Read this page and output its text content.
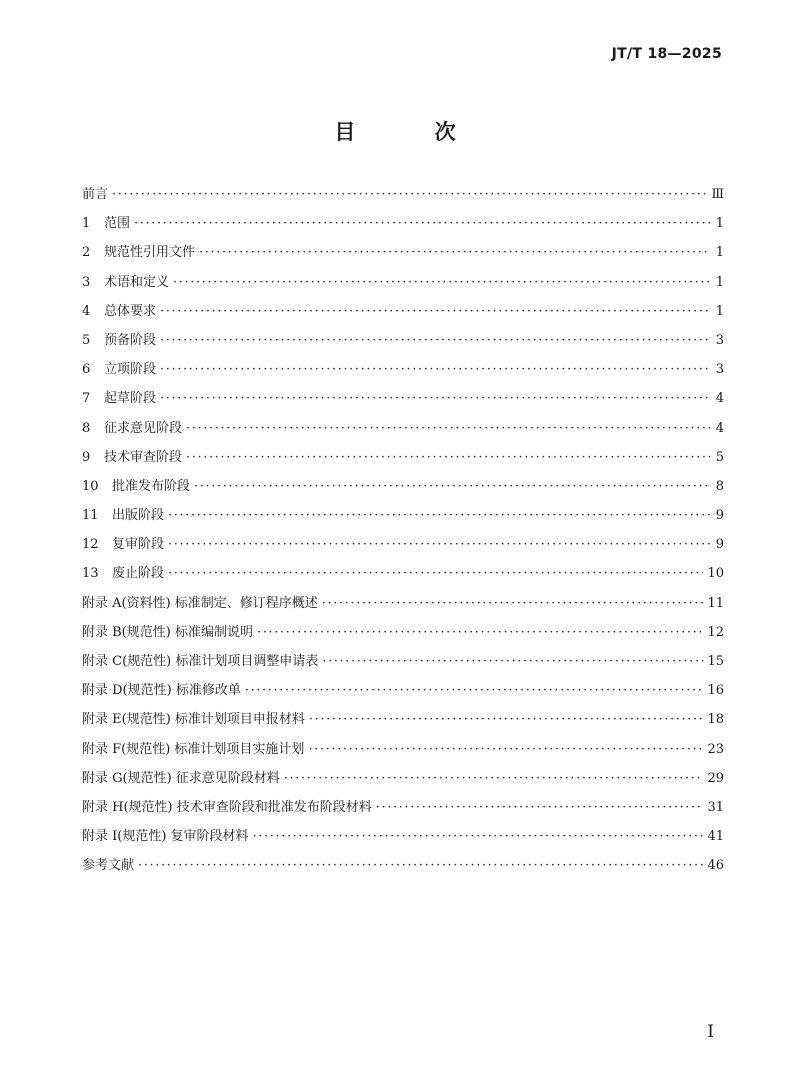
JT/T 18—2025
目 次
前言 ·····	Ⅲ
1	范围 ·····	1
2	规范性引用文件 ·····	1
3	术语和定义 ·····	1
4	总体要求 ·····	1
5	预备阶段 ·····	3
6	立项阶段 ·····	3
7	起草阶段 ·····	4
8	征求意见阶段 ·····	4
9	技术审查阶段 ·····	5
10	批准发布阶段 ·····	8
11	出版阶段 ·····	9
12	复审阶段 ·····	9
13	废止阶段 ·····	10
附录 A(资料性) 标准制定、修订程序概述 ·····	11
附录 B(规范性) 标准编制说明 ·····	12
附录 C(规范性) 标准计划项目调整申请表 ·····	15
附录 D(规范性) 标准修改单 ·····	16
附录 E(规范性) 标准计划项目申报材料 ·····	18
附录 F(规范性) 标准计划项目实施计划 ·····	23
附录 G(规范性) 征求意见阶段材料 ·····	29
附录 H(规范性) 技术审查阶段和批准发布阶段材料 ·····	31
附录 I(规范性) 复审阶段材料 ·····	41
参考文献 ·····	46
I
